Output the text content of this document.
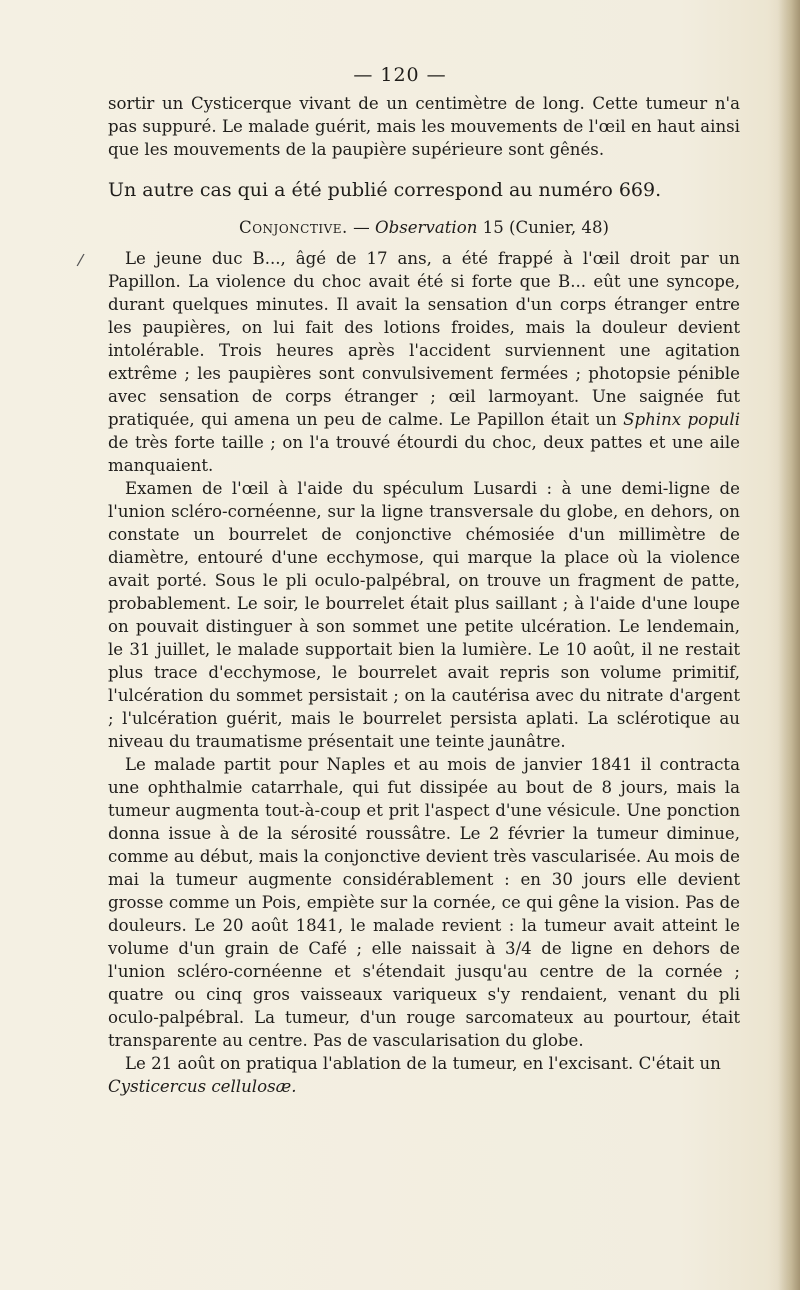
— 120 —
/

sortir un Cysticerque vivant de un centimètre de long. Cette tumeur n'a pas suppuré. Le malade guérit, mais les mouvements de l'œil en haut ainsi que les mouvements de la paupière supérieure sont gênés.

Un autre cas qui a été publié correspond au numéro 669.

Conjonctive. — Observation 15 (Cunier, 48)

Le jeune duc B..., âgé de 17 ans, a été frappé à l'œil droit par un Papillon. La violence du choc avait été si forte que B... eût une syncope, durant quelques minutes. Il avait la sensation d'un corps étranger entre les paupières, on lui fait des lotions froides, mais la douleur devient intolérable. Trois heures après l'accident surviennent une agitation extrême ; les paupières sont convulsivement fermées ; photopsie pénible avec sensation de corps étranger ; œil larmoyant. Une saignée fut pratiquée, qui amena un peu de calme. Le Papillon était un Sphinx populi de très forte taille ; on l'a trouvé étourdi du choc, deux pattes et une aile manquaient.

Examen de l'œil à l'aide du spéculum Lusardi : à une demi-ligne de l'union scléro-cornéenne, sur la ligne transversale du globe, en dehors, on constate un bourrelet de conjonctive chémosiée d'un millimètre de diamètre, entouré d'une ecchymose, qui marque la place où la violence avait porté. Sous le pli oculo-palpébral, on trouve un fragment de patte, probablement. Le soir, le bourrelet était plus saillant ; à l'aide d'une loupe on pouvait distinguer à son sommet une petite ulcération. Le lendemain, le 31 juillet, le malade supportait bien la lumière. Le 10 août, il ne restait plus trace d'ecchymose, le bourrelet avait repris son volume primitif, l'ulcération du sommet persistait ; on la cautérisa avec du nitrate d'argent ; l'ulcération guérit, mais le bourrelet persista aplati. La sclérotique au niveau du traumatisme présentait une teinte jaunâtre.

Le malade partit pour Naples et au mois de janvier 1841 il contracta une ophthalmie catarrhale, qui fut dissipée au bout de 8 jours, mais la tumeur augmenta tout-à-coup et prit l'aspect d'une vésicule. Une ponction donna issue à de la sérosité roussâtre. Le 2 février la tumeur diminue, comme au début, mais la conjonctive devient très vascularisée. Au mois de mai la tumeur augmente considérablement : en 30 jours elle devient grosse comme un Pois, empiète sur la cornée, ce qui gêne la vision. Pas de douleurs. Le 20 août 1841, le malade revient : la tumeur avait atteint le volume d'un grain de Café ; elle naissait à 3/4 de ligne en dehors de l'union scléro-cornéenne et s'étendait jusqu'au centre de la cornée ; quatre ou cinq gros vaisseaux variqueux s'y rendaient, venant du pli oculo-palpébral. La tumeur, d'un rouge sarcomateux au pourtour, était transparente au centre. Pas de vascularisation du globe.

Le 21 août on pratiqua l'ablation de la tumeur, en l'excisant. C'était un
Cysticercus cellulosæ.
